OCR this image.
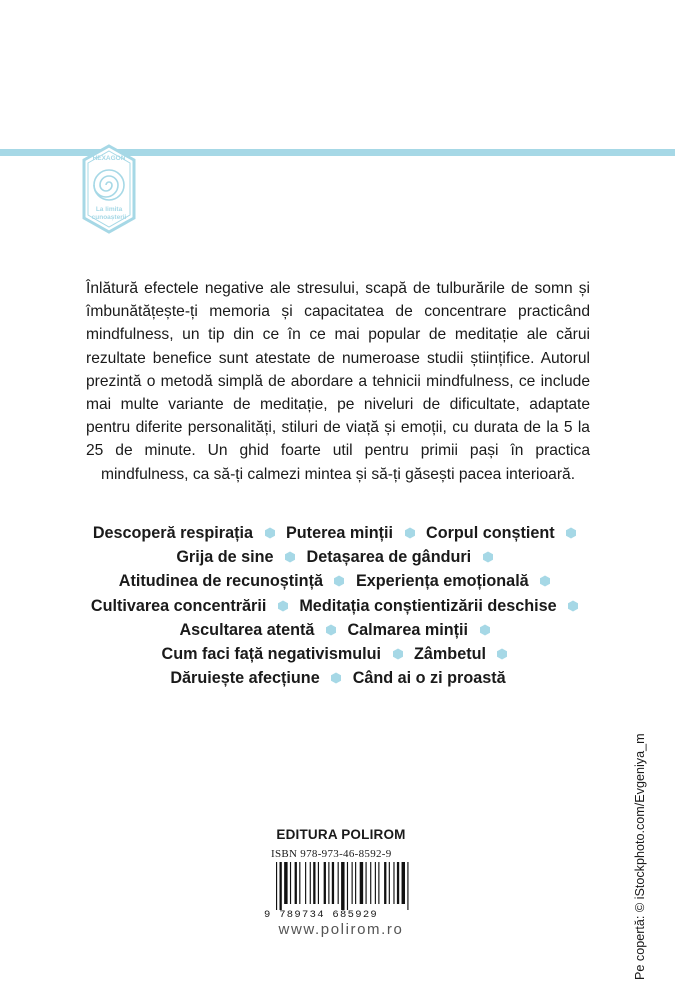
HEXAGON
La limita
cunoașterii

Înlătură efectele negative ale stresului, scapă de tulburările de somn și îmbunătățește-ți memoria și capacitatea de concentrare practicând mindfulness, un tip din ce în ce mai popular de meditație ale cărui rezultate benefice sunt atestate de numeroase studii științifice. Autorul prezintă o metodă simplă de abordare a tehnicii mindfulness, ce include mai multe variante de meditație, pe niveluri de dificultate, adaptate pentru diferite personalități, stiluri de viață și emoții, cu durata de la 5 la 25 de minute. Un ghid foarte util pentru primii pași în practica mindfulness, ca să-ți calmezi mintea și să-ți găsești pacea interioară.

Descoperă respirația Puterea minții Corpul conștient
Grija de sine Detașarea de gânduri
Atitudinea de recunoștință Experiența emoțională
Cultivarea concentrării Meditația conștientizării deschise
Ascultarea atentă Calmarea minții
Cum faci față negativismului Zâmbetul
Dăruiește afecțiune Când ai o zi proastă
EDITURA POLIROM
ISBN 978-973-46-8592-9
9 789734 685929
www.polirom.ro	Pe copertă: © iStockphoto.com/Evgeniya_m
